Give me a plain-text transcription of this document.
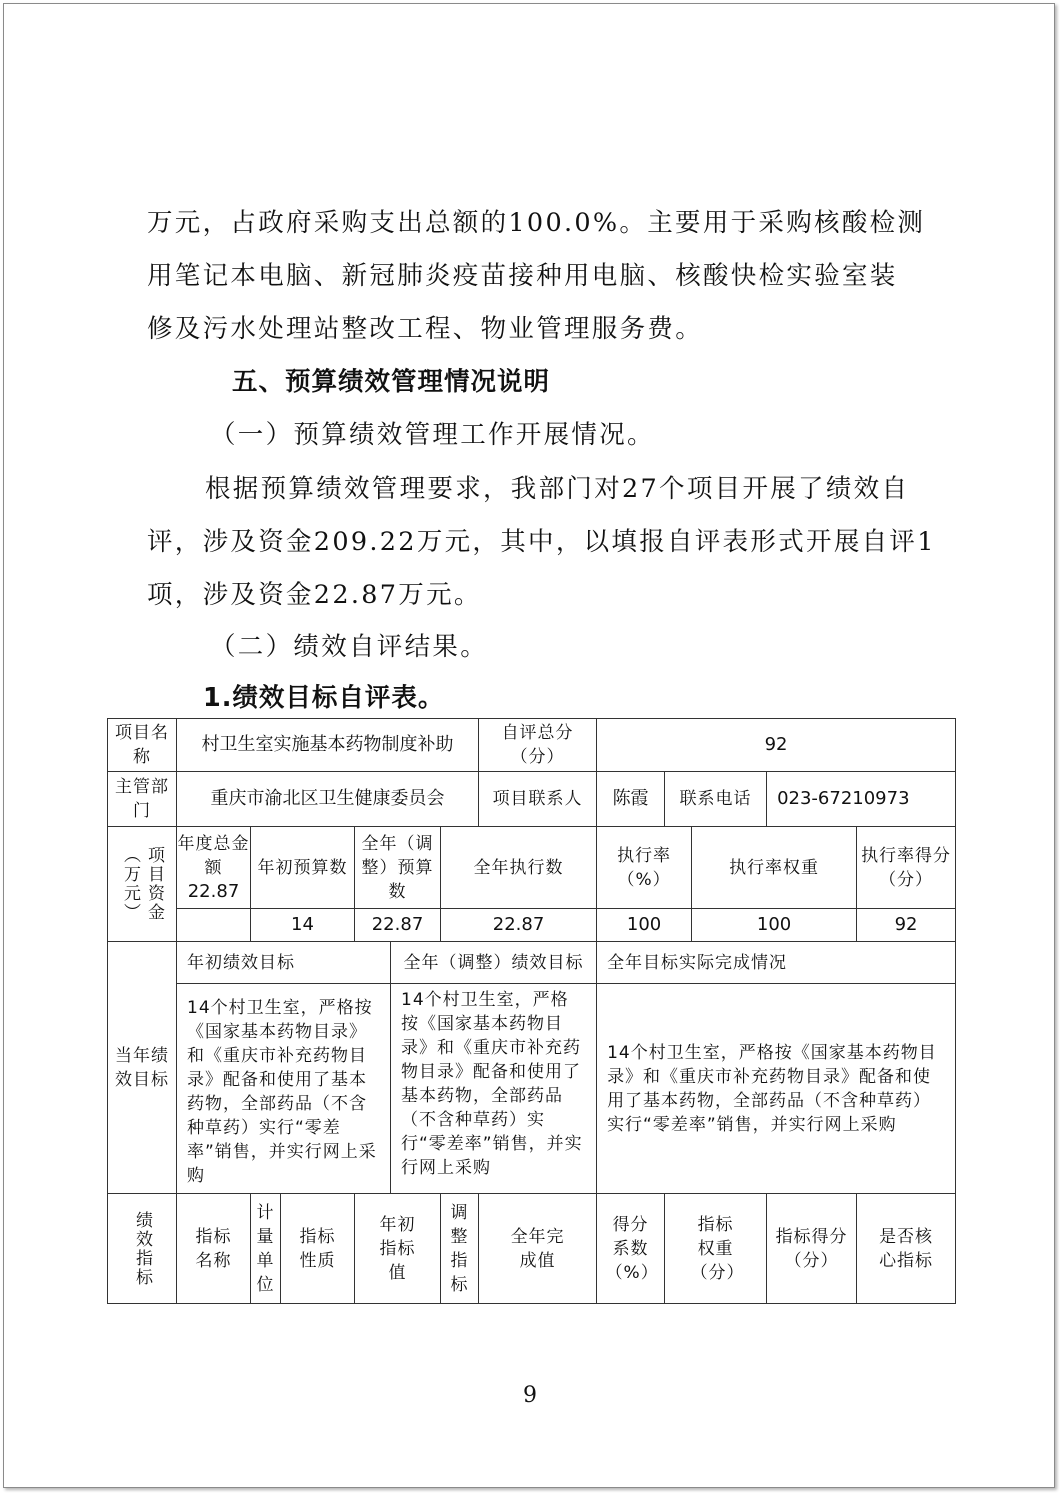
万元，占政府采购支出总额的100.0%。主要用于采购核酸检测

用笔记本电脑、新冠肺炎疫苗接种用电脑、核酸快检实验室装

修及污水处理站整改工程、物业管理服务费。

五、预算绩效管理情况说明

（一）预算绩效管理工作开展情况。

根据预算绩效管理要求，我部门对27个项目开展了绩效自

评，涉及资金209.22万元，其中，以填报自评表形式开展自评1

项，涉及资金22.87万元。

（二）绩效自评结果。

1.绩效目标自评表。

项目名称	村卫生室实施基本药物制度补助						自评总分（分）	92				
主管部门	重庆市渝北区卫生健康委员会						项目联系人	陈霞	联系电话		023-67210973	

项目资金（万元）	年度总金额
22.87	年初预算数		全年（调整）预算数		全年执行数		执行率（%）		执行率权重		执行率得分（分）
		14		22.87		22.87		100		100		92
当年绩效目标	年初绩效目标				全年（调整）绩效目标			全年目标实际完成情况				
	14个村卫生室，严格按《国家基本药物目录》和《重庆市补充药物目录》配备和使用了基本药物，全部药品（不含种草药）实行“零差率”销售，并实行网上采购				14个村卫生室，严格按《国家基本药物目录》和《重庆市补充药物目录》配备和使用了基本药物，全部药品（不含种草药）实行“零差率”销售，并实行网上采购			14个村卫生室，严格按《国家基本药物目录》和《重庆市补充药物目录》配备和使用了基本药物，全部药品（不含种草药）实行“零差率”销售，并实行网上采购				

绩效指标	指标名称	计量单位	指标性质	年初指标值		调整指标	全年完成值	得分系数（%）	指标权重（分）		指标得分（分）	是否核心指标
9
